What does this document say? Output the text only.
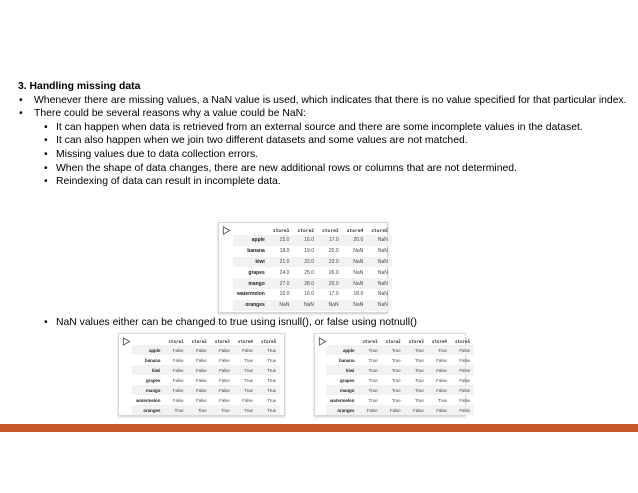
3. Handling missing data
• Whenever there are missing values, a NaN value is used, which indicates that there is no value specified for that particular index.
• There could be several reasons why a value could be NaN:
• It can happen when data is retrieved from an external source and there are some incomplete values in the dataset.
• It can also happen when we join two different datasets and some values are not matched.
• Missing values due to data collection errors.
• When the shape of data changes, there are new additional rows or columns that are not determined.
• Reindexing of data can result in incomplete data.
	store1	store2	store3	store4	store5
apple	15.0	16.0	17.0	20.0	NaN
banana	18.0	19.0	20.0	NaN	NaN
kiwi	21.0	22.0	23.0	NaN	NaN
grapes	24.0	25.0	26.0	NaN	NaN
mango	27.0	28.0	29.0	NaN	NaN
watermelon	15.0	16.0	17.0	18.0	NaN
oranges	NaN	NaN	NaN	NaN	NaN
• NaN values either can be changed to true using isnull(), or false using notnull()
	store1	store2	store3	store4	store5
apple	False	False	False	False	True
banana	False	False	False	True	True
kiwi	False	False	False	True	True
grapes	False	False	False	True	True
mango	False	False	False	True	True
watermelon	False	False	False	False	True
oranges	True	True	True	True	True
	store1	store2	store3	store4	store5
apple	True	True	True	True	False
banana	True	True	True	False	False
kiwi	True	True	True	False	False
grapes	True	True	True	False	False
mango	True	True	True	False	False
watermelon	True	True	True	True	False
oranges	False	False	False	False	False
